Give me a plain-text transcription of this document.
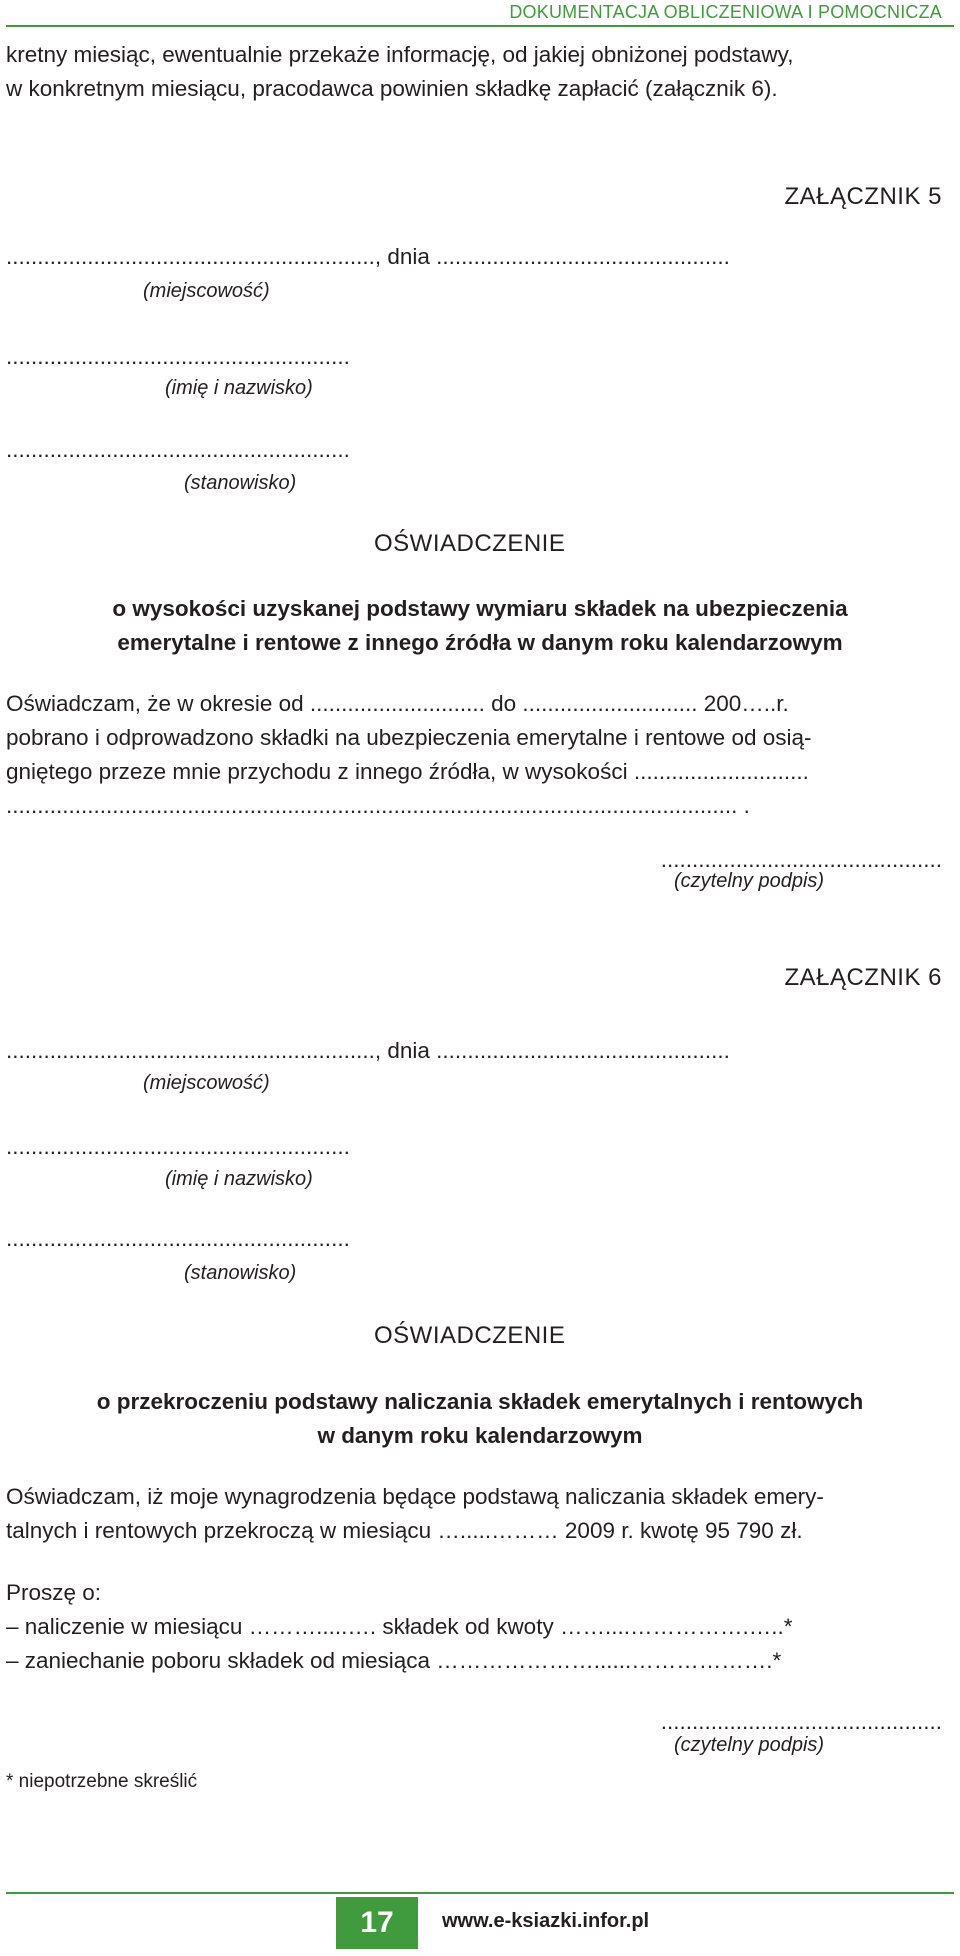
DOKUMENTACJA OBLICZENIOWA I POMOCNICZA
kretny miesiąc, ewentualnie przekaże informację, od jakiej obniżonej podstawy,
w konkretnym miesiącu, pracodawca powinien składkę zapłacić (załącznik 6).
ZAŁĄCZNIK 5
..........................................................., dnia ...............................................
(miejscowość)
.......................................................
(imię i nazwisko)
.......................................................
(stanowisko)
OŚWIADCZENIE
o wysokości uzyskanej podstawy wymiaru składek na ubezpieczenia
emerytalne i rentowe z innego źródła w danym roku kalendarzowym
Oświadczam, że w okresie od ............................ do ............................ 200…..r.
pobrano i odprowadzono składki na ubezpieczenia emerytalne i rentowe od osią-
gniętego przeze mnie przychodu z innego źródła, w wysokości ............................
..................................................................................................................... .
.............................................
(czytelny podpis)
ZAŁĄCZNIK 6
..........................................................., dnia ...............................................
(miejscowość)
.......................................................
(imię i nazwisko)
.......................................................
(stanowisko)
OŚWIADCZENIE
o przekroczeniu podstawy naliczania składek emerytalnych i rentowych
w danym roku kalendarzowym
Oświadczam, iż moje wynagrodzenia będące podstawą naliczania składek emery-
talnych i rentowych przekroczą w miesiącu ….....……… 2009 r. kwotę 95 790 zł.
Proszę o:
– naliczenie w miesiącu ……….....…. składek od kwoty ……....…………….…..*
– zaniechanie poboru składek od miesiąca …………………......……………….*
.............................................
(czytelny podpis)
* niepotrzebne skreślić
17	www.e-ksiazki.infor.pl
